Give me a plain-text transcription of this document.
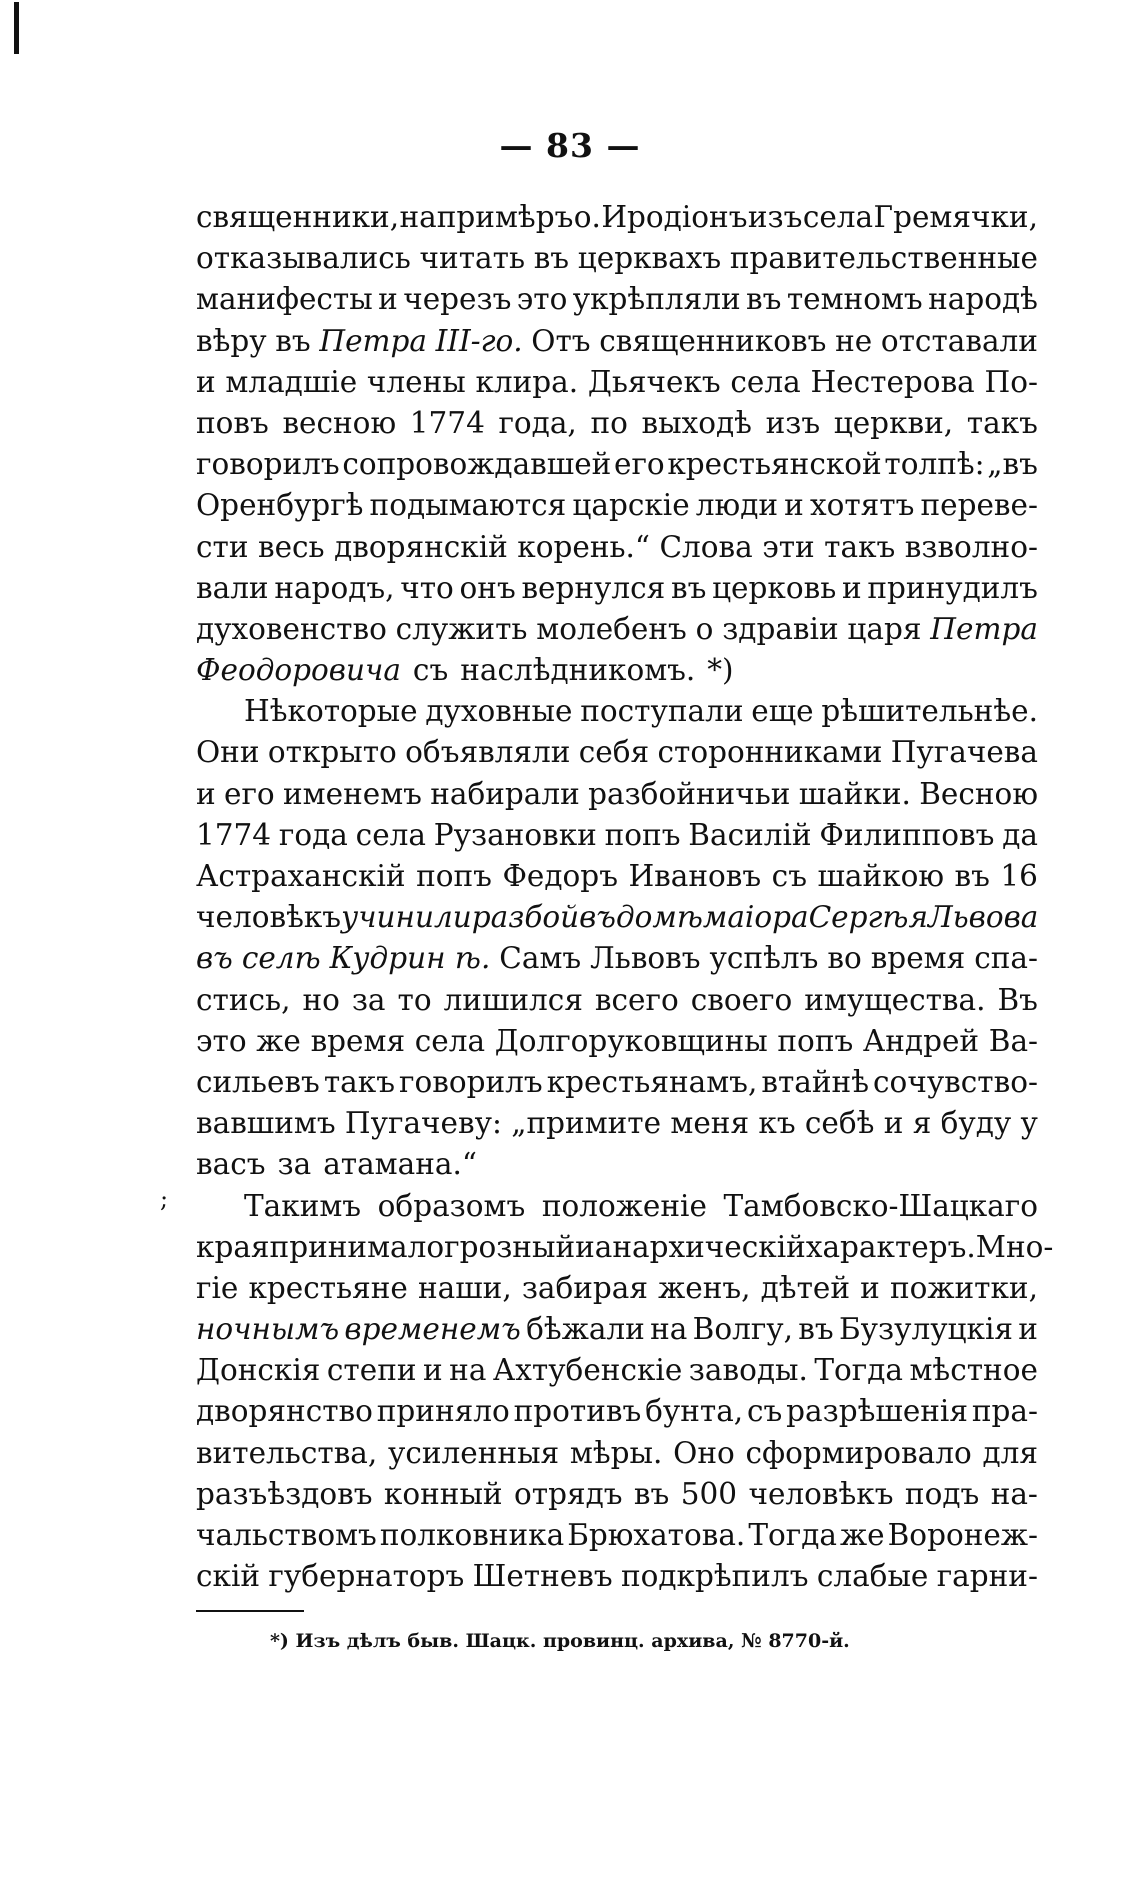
— 83 —
священники, напримѣръ о. Иродіонъ изъ села Гремячки,
отказывались читать въ церквахъ правительственные
манифесты и черезъ это укрѣпляли въ темномъ народѣ
вѣру въ Петра III-го. Отъ священниковъ не отставали
и младшіе члены клира. Дьячекъ села Нестерова По-
повъ весною 1774 года, по выходѣ изъ церкви, такъ
говорилъ сопровождавшей его крестьянской толпѣ: „въ
Оренбургѣ подымаются царскіе люди и хотятъ переве-
сти весь дворянскій корень.“ Слова эти такъ взволно-
вали народъ, что онъ вернулся въ церковь и принудилъ
духовенство служить молебенъ о здравіи царя Петра
Феодоровича съ наслѣдникомъ. *)
Нѣкоторые духовные поступали еще рѣшительнѣе.
Они открыто объявляли себя сторонниками Пугачева
и его именемъ набирали разбойничьи шайки. Весною
1774 года села Рузановки попъ Василій Филипповъ да
Астраханскій попъ Федоръ Ивановъ съ шайкою въ 16
человѣкъ учинили разбой въ домѣ маіора Сергѣя Львова
въ селѣ Кудрин ѣ. Самъ Львовъ успѣлъ во время спа-
стись, но за то лишился всего своего имущества. Въ
это же время села Долгоруковщины попъ Андрей Ва-
сильевъ такъ говорилъ крестьянамъ, втайнѣ сочувство-
вавшимъ Пугачеву: „примите меня къ себѣ и я буду у
васъ за атамана.“
Такимъ образомъ положеніе Тамбовско-Шацкаго
края принимало грозный и анархическій характеръ. Мно-
гіе крестьяне наши, забирая женъ, дѣтей и пожитки,
ночнымъ временемъ бѣжали на Волгу, въ Бузулуцкія и
Донскія степи и на Ахтубенскіе заводы. Тогда мѣстное
дворянство приняло противъ бунта, съ разрѣшенія пра-
вительства, усиленныя мѣры. Оно сформировало для
разъѣздовъ конный отрядъ въ 500 человѣкъ подъ на-
чальствомъ полковника Брюхатова. Тогда же Воронеж-
скій губернаторъ Шетневъ подкрѣпилъ слабые гарни-
;
*) Изъ дѣлъ быв. Шацк. провинц. архива, № 8770-й.
